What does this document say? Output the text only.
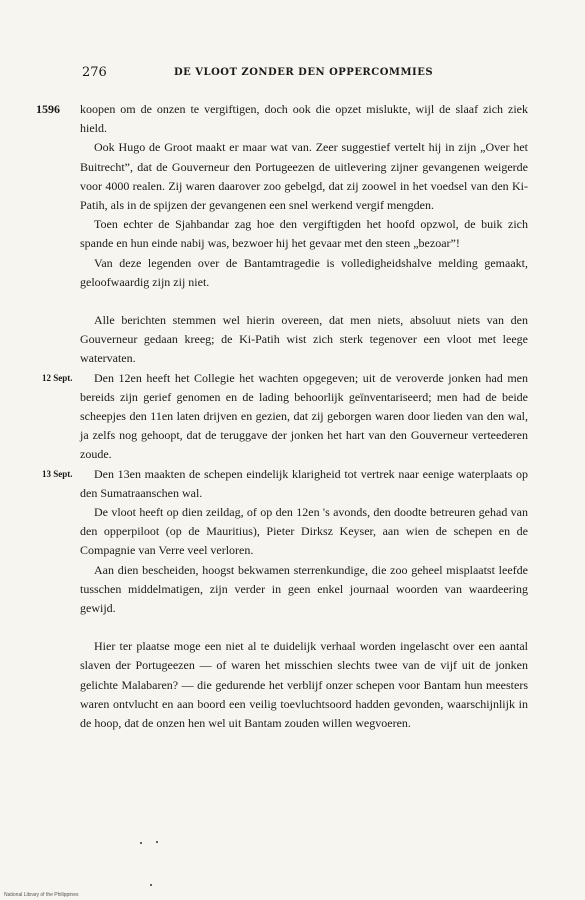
276	DE VLOOT ZONDER DEN OPPERCOMMIES

1596 koopen om de onzen te vergiftigen, doch ook die opzet mislukte, wijl de slaaf zich ziek hield.

Ook Hugo de Groot maakt er maar wat van. Zeer suggestief vertelt hij in zijn „Over het Buitrecht”, dat de Gouverneur den Portugeezen de uitlevering zijner gevangenen weigerde voor 4000 realen. Zij waren daarover zoo gebelgd, dat zij zoowel in het voedsel van den Ki-Patih, als in de spijzen der gevangenen een snel werkend vergif mengden.

Toen echter de Sjahbandar zag hoe den vergiftigden het hoofd opzwol, de buik zich spande en hun einde nabij was, bezwoer hij het gevaar met den steen „bezoar”!

Van deze legenden over de Bantamtragedie is volledigheidshalve melding gemaakt, geloofwaardig zijn zij niet.

Alle berichten stemmen wel hierin overeen, dat men niets, absoluut niets van den Gouverneur gedaan kreeg; de Ki-Patih wist zich sterk tegenover een vloot met leege watervaten.

12 Sept. Den 12en heeft het Collegie het wachten opgegeven; uit de veroverde jonken had men bereids zijn gerief genomen en de lading behoorlijk geïnventariseerd; men had de beide scheepjes den 11en laten drijven en gezien, dat zij geborgen waren door lieden van den wal, ja zelfs nog gehoopt, dat de teruggave der jonken het hart van den Gouverneur verteederen zoude.

13 Sept. Den 13en maakten de schepen eindelijk klarigheid tot vertrek naar eenige waterplaats op den Sumatraanschen wal.

De vloot heeft op dien zeildag, of op den 12en 's avonds, den doodte betreuren gehad van den opperpiloot (op de Mauritius), Pieter Dirksz Keyser, aan wien de schepen en de Compagnie van Verre veel verloren.

Aan dien bescheiden, hoogst bekwamen sterrenkundige, die zoo geheel misplaatst leefde tusschen middelmatigen, zijn verder in geen enkel journaal woorden van waardeering gewijd.

Hier ter plaatse moge een niet al te duidelijk verhaal worden ingelascht over een aantal slaven der Portugeezen — of waren het misschien slechts twee van de vijf uit de jonken gelichte Malabaren? — die gedurende het verblijf onzer schepen voor Bantam hun meesters waren ontvlucht en aan boord een veilig toevluchtsoord hadden gevonden, waarschijnlijk in de hoop, dat de onzen hen wel uit Bantam zouden willen wegvoeren.

National Library of the Philippines
